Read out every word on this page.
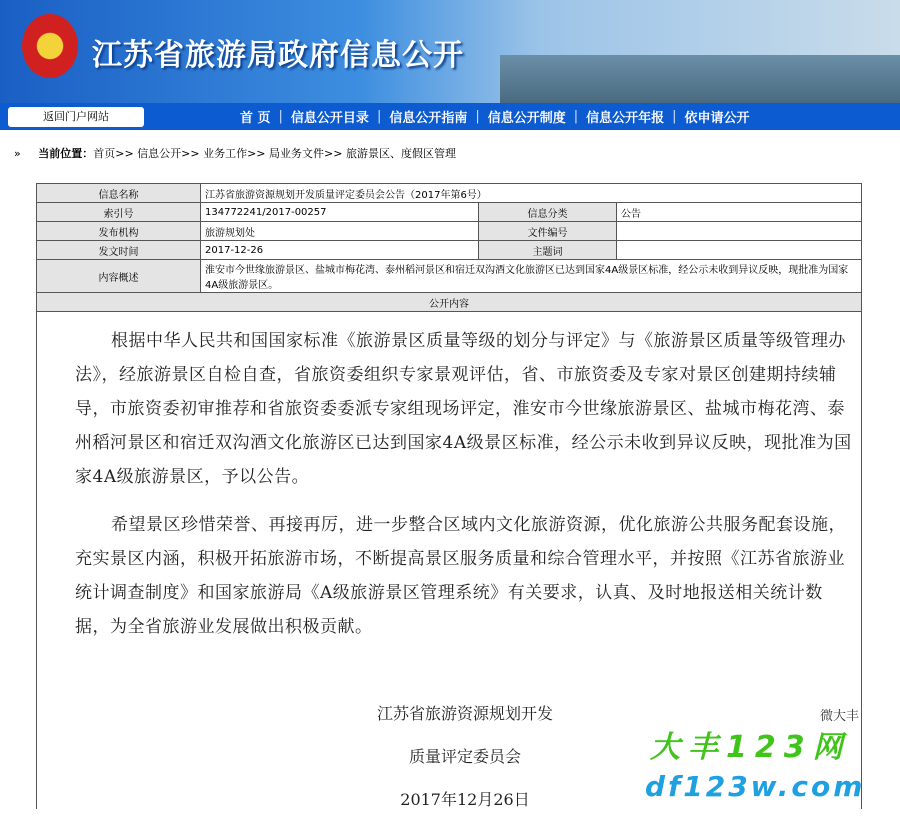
江苏省旅游局政府信息公开
返回门户网站	首 页 | 信息公开目录 | 信息公开指南 | 信息公开制度 | 信息公开年报 | 依申请公开
» 当前位置：首页>> 信息公开>> 业务工作>> 局业务文件>> 旅游景区、度假区管理
信息名称	江苏省旅游资源规划开发质量评定委员会公告（2017年第6号）		
索引号	134772241/2017-00257	信息分类	公告
发布机构	旅游规划处	文件编号	
发文时间	2017-12-26	主题词	
内容概述	淮安市今世缘旅游景区、盐城市梅花湾、泰州稻河景区和宿迁双沟酒文化旅游区已达到国家4A级景区标准，经公示未收到异议反映，现批准为国家4A级旅游景区。		
公开内容			
根据中华人民共和国国家标准《旅游景区质量等级的划分与评定》与《旅游景区质量等级管理办法》，经旅游景区自检自查，省旅资委组织专家景观评估，省、市旅资委及专家对景区创建期持续辅导，市旅资委初审推荐和省旅资委委派专家组现场评定，淮安市今世缘旅游景区、盐城市梅花湾、泰州稻河景区和宿迁双沟酒文化旅游区已达到国家4A级景区标准，经公示未收到异议反映，现批准为国家4A级旅游景区，予以公告。
希望景区珍惜荣誉、再接再厉，进一步整合区域内文化旅游资源，优化旅游公共服务配套设施，充实景区内涵，积极开拓旅游市场，不断提高景区服务质量和综合管理水平，并按照《江苏省旅游业统计调查制度》和国家旅游局《A级旅游景区管理系统》有关要求，认真、及时地报送相关统计数据，为全省旅游业发展做出积极贡献。
江苏省旅游资源规划开发
质量评定委员会
2017年12月26日
微大丰
大丰123网
df123w.com
